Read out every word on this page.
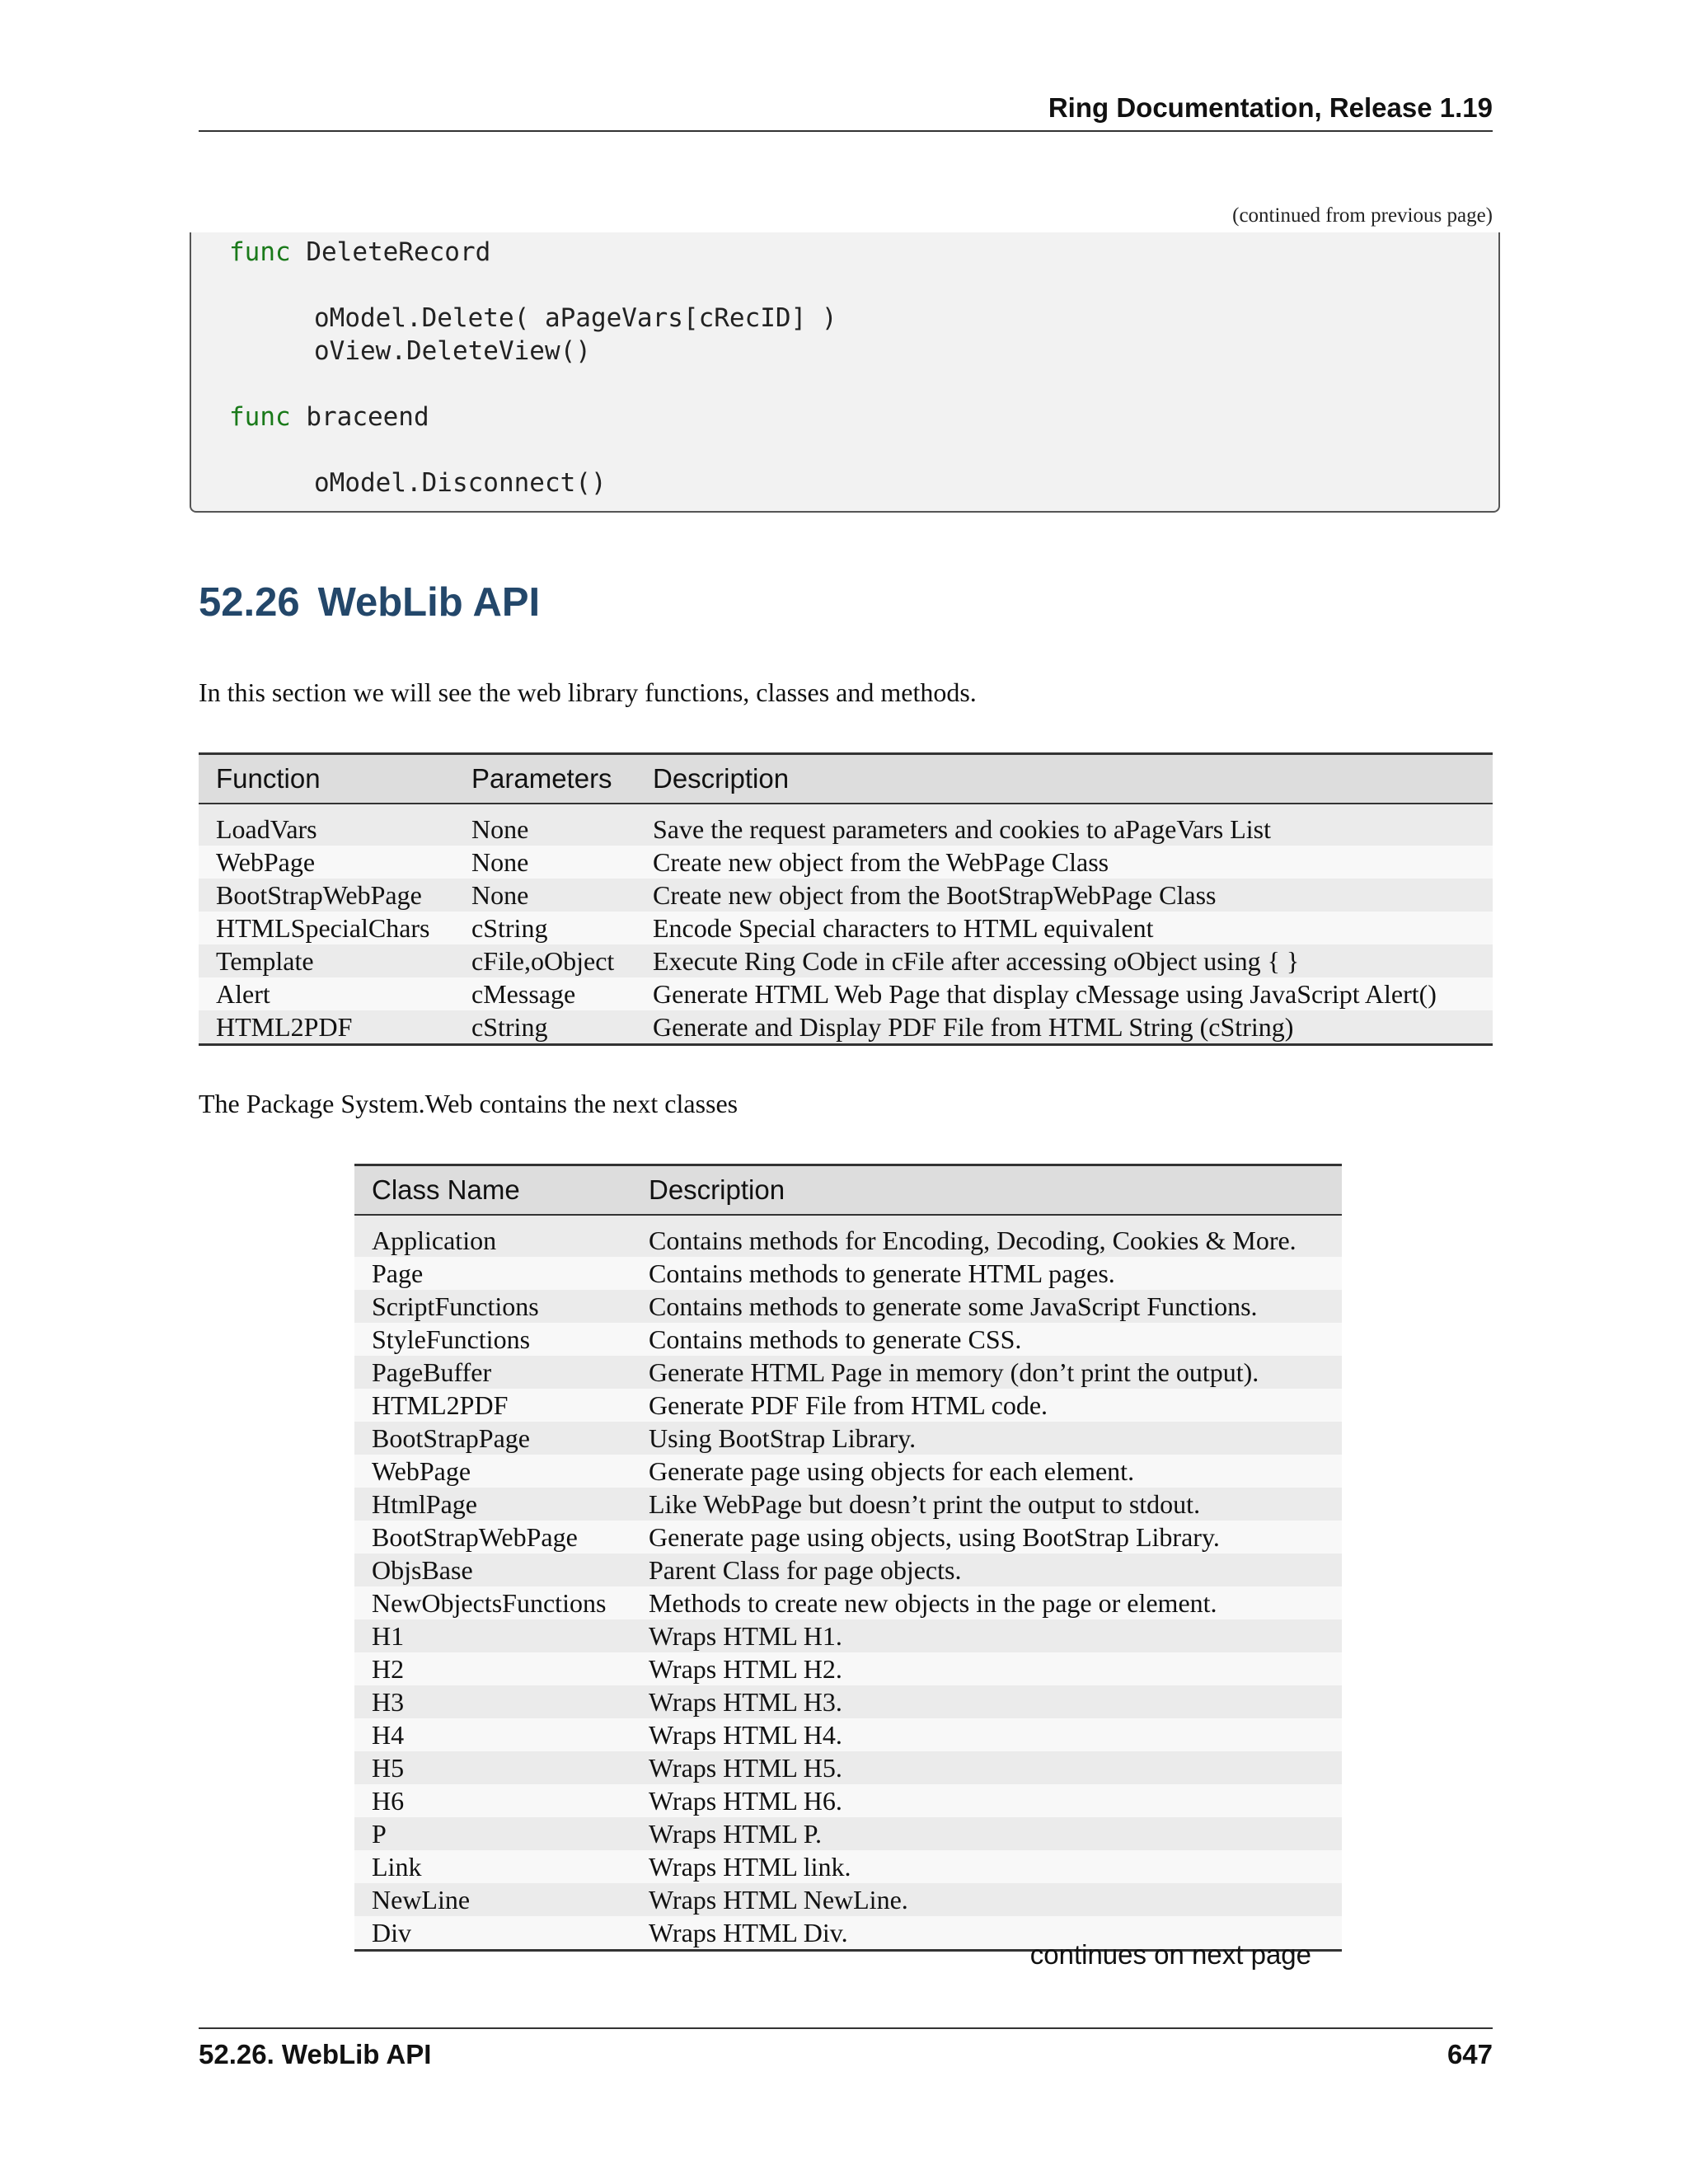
Ring Documentation, Release 1.19
(continued from previous page)
func DeleteRecord
oModel.Delete( aPageVars[cRecID] )
oView.DeleteView()
func braceend
oModel.Disconnect()
52.26 WebLib API
In this section we will see the web library functions, classes and methods.
Function	Parameters	Description
LoadVars	None	Save the request parameters and cookies to aPageVars List
WebPage	None	Create new object from the WebPage Class
BootStrapWebPage	None	Create new object from the BootStrapWebPage Class
HTMLSpecialChars	cString	Encode Special characters to HTML equivalent
Template	cFile,oObject	Execute Ring Code in cFile after accessing oObject using { }
Alert	cMessage	Generate HTML Web Page that display cMessage using JavaScript Alert()
HTML2PDF	cString	Generate and Display PDF File from HTML String (cString)
The Package System.Web contains the next classes
Class Name	Description
Application	Contains methods for Encoding, Decoding, Cookies & More.
Page	Contains methods to generate HTML pages.
ScriptFunctions	Contains methods to generate some JavaScript Functions.
StyleFunctions	Contains methods to generate CSS.
PageBuffer	Generate HTML Page in memory (don’t print the output).
HTML2PDF	Generate PDF File from HTML code.
BootStrapPage	Using BootStrap Library.
WebPage	Generate page using objects for each element.
HtmlPage	Like WebPage but doesn’t print the output to stdout.
BootStrapWebPage	Generate page using objects, using BootStrap Library.
ObjsBase	Parent Class for page objects.
NewObjectsFunctions	Methods to create new objects in the page or element.
H1	Wraps HTML H1.
H2	Wraps HTML H2.
H3	Wraps HTML H3.
H4	Wraps HTML H4.
H5	Wraps HTML H5.
H6	Wraps HTML H6.
P	Wraps HTML P.
Link	Wraps HTML link.
NewLine	Wraps HTML NewLine.
Div	Wraps HTML Div.
continues on next page
52.26. WebLib API	647
